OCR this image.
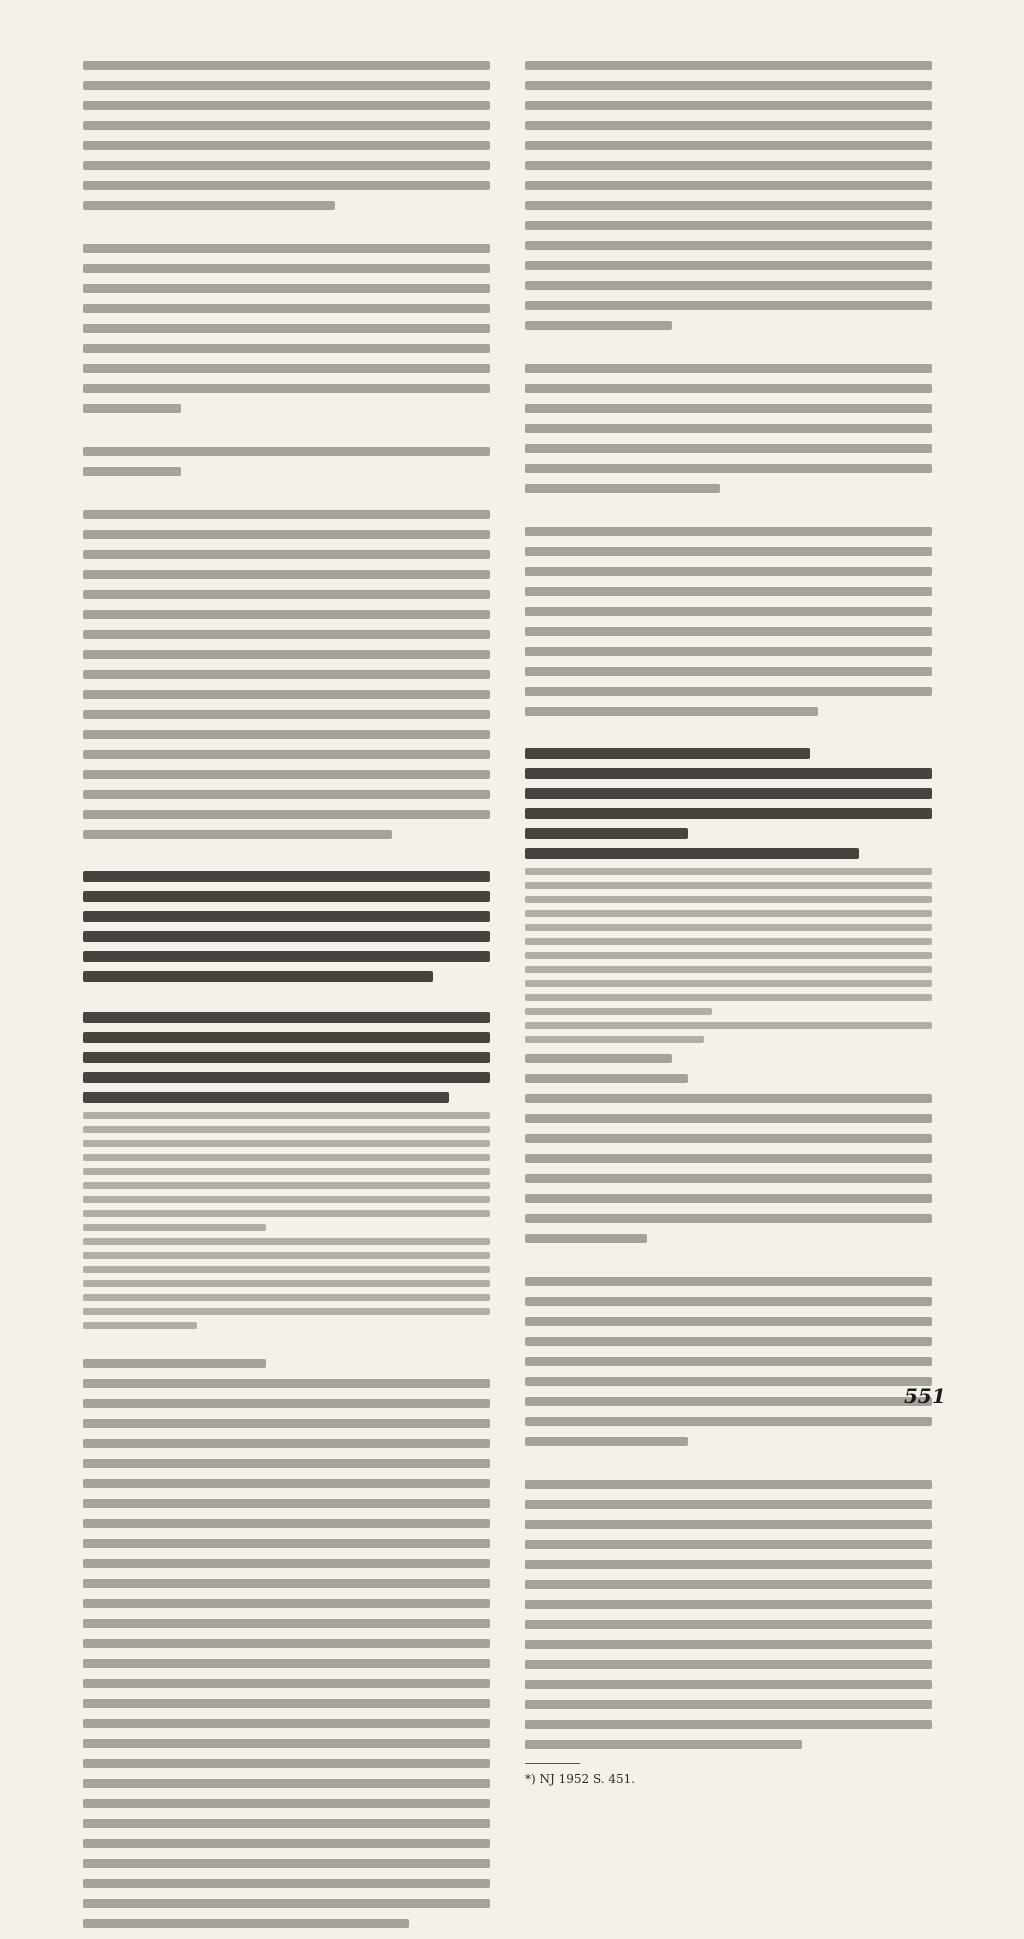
*) NJ 1952 S. 451.

551
